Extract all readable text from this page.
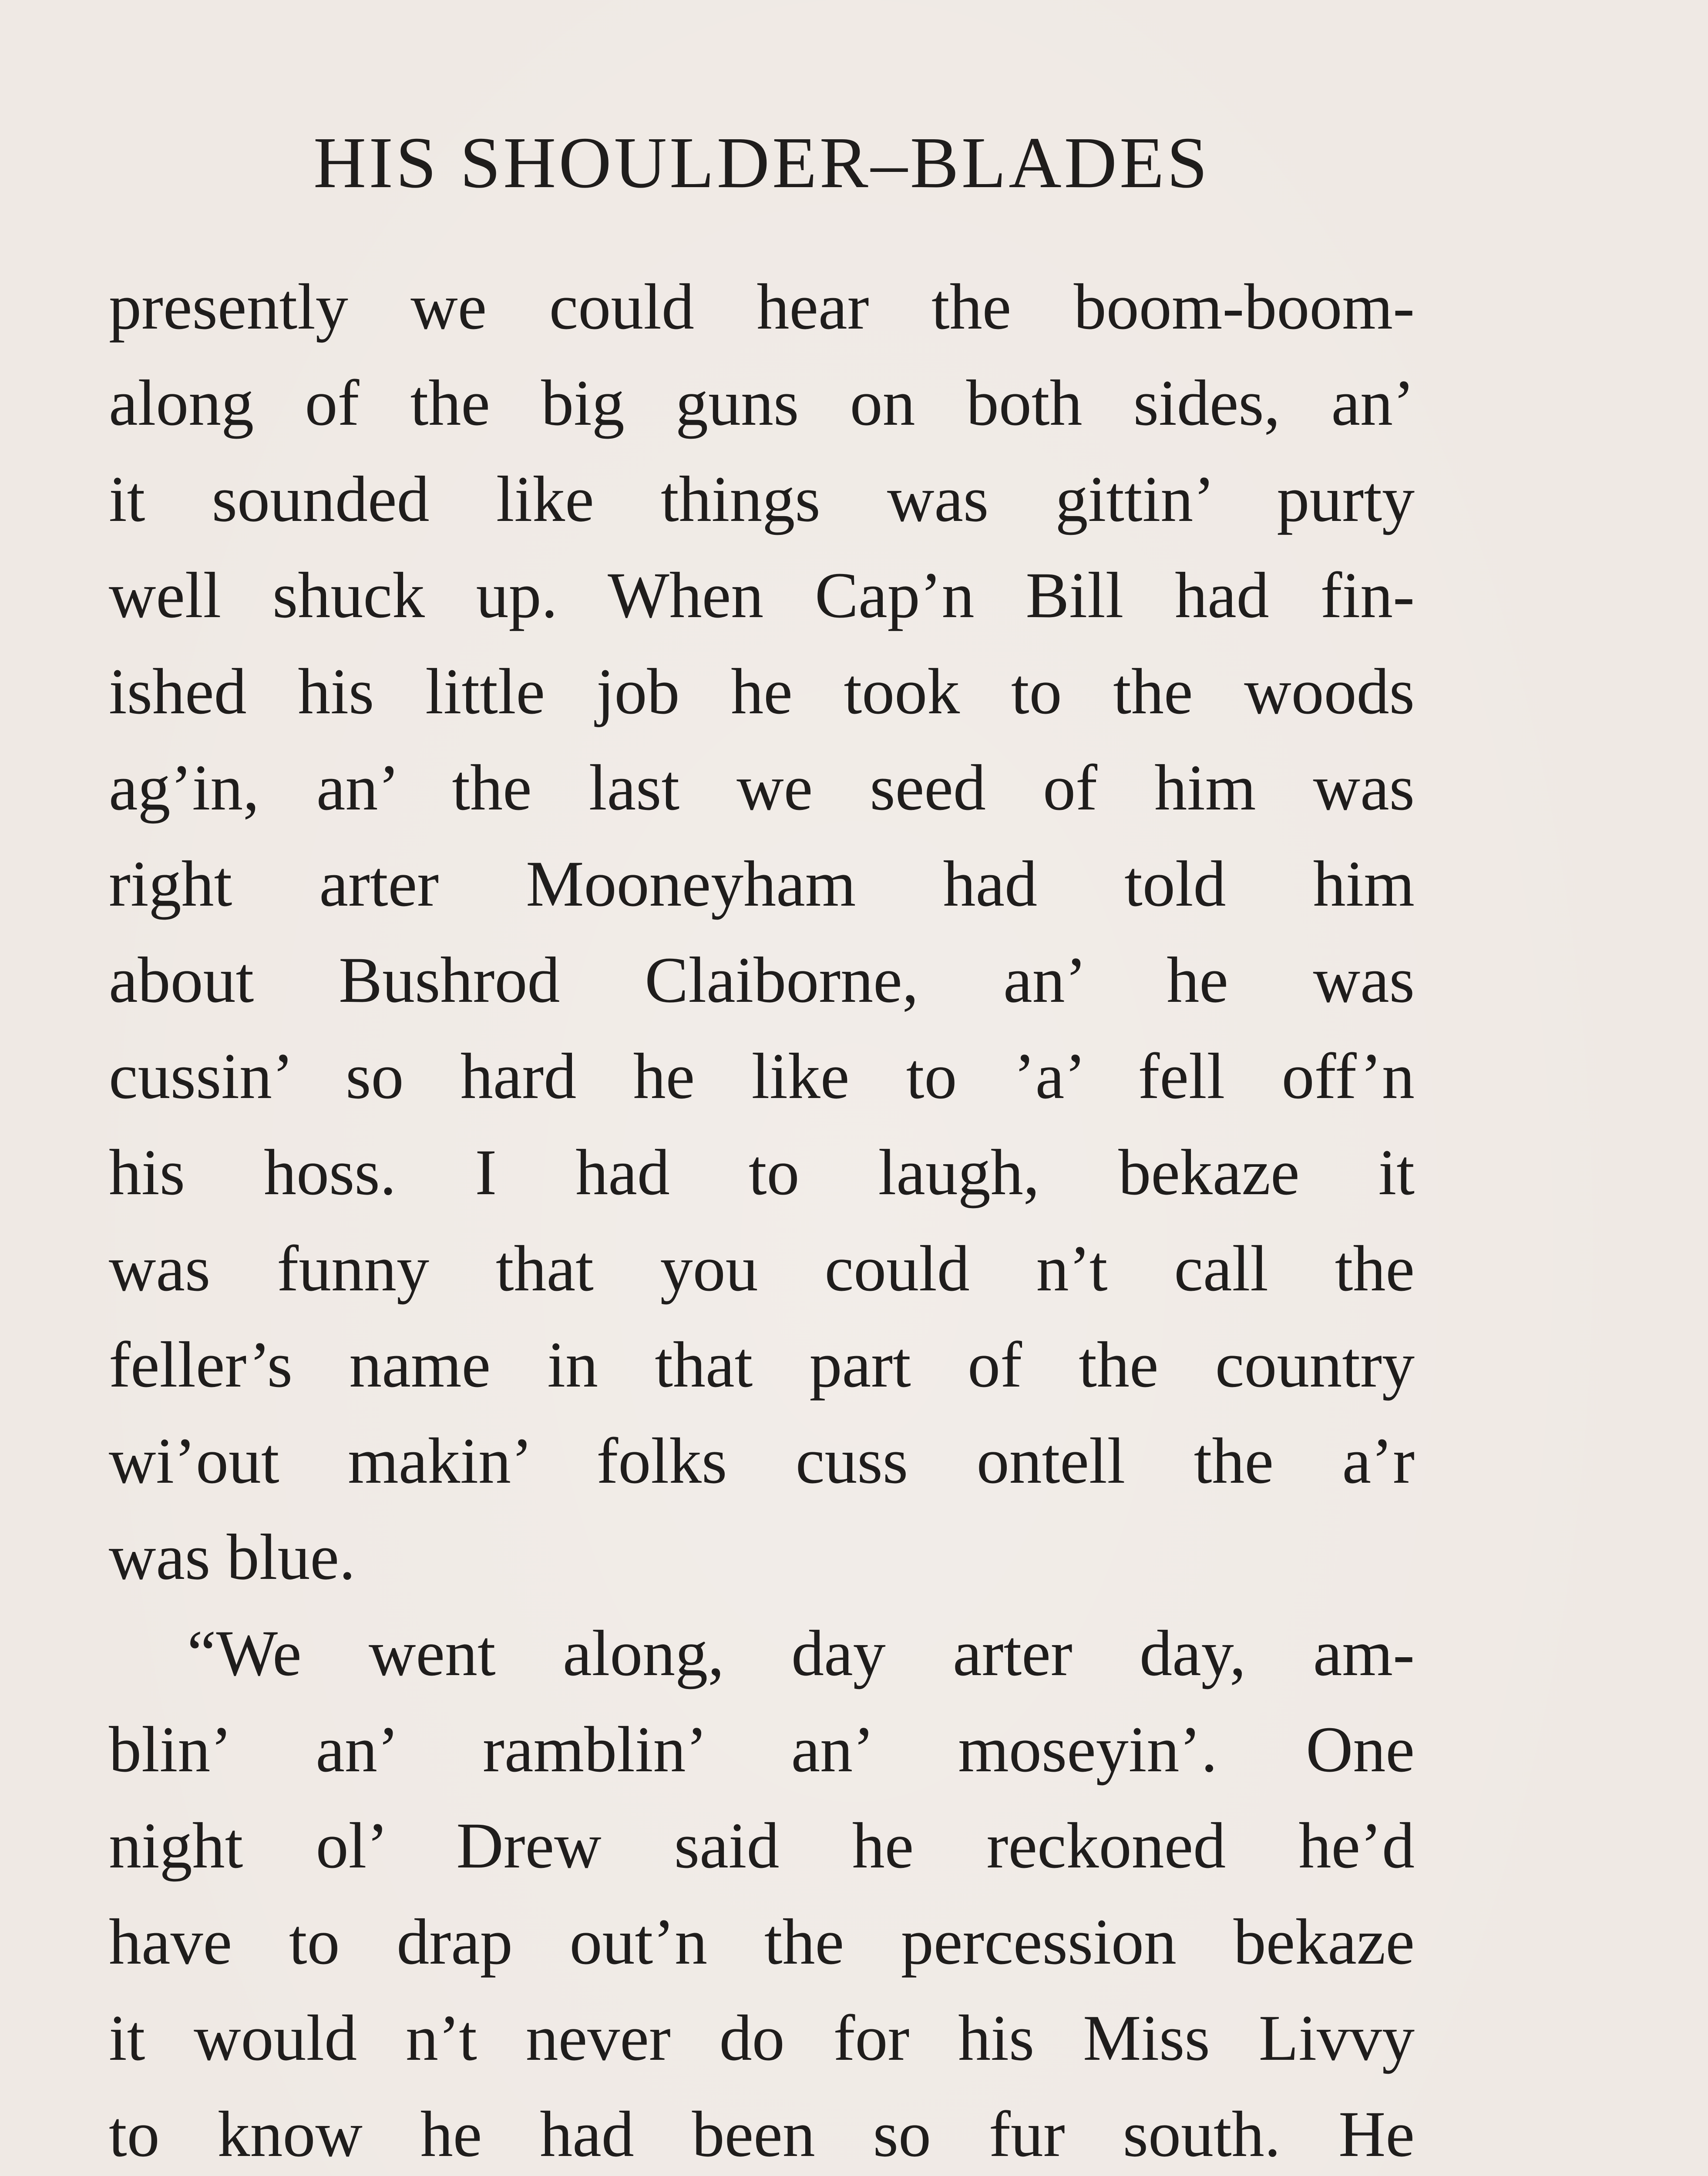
HIS SHOULDER–BLADES
presently we could hear the boom-boom-
along of the big guns on both sides, an’
it sounded like things was gittin’ purty
well shuck up. When Cap’n Bill had fin-
ished his little job he took to the woods
ag’in, an’ the last we seed of him was
right arter Mooneyham had told him
about Bushrod Claiborne, an’ he was
cussin’ so hard he like to ’a’ fell off’n
his hoss. I had to laugh, bekaze it
was funny that you could n’t call the
feller’s name in that part of the country
wi’out makin’ folks cuss ontell the a’r
was blue.
“We went along, day arter day, am-
blin’ an’ ramblin’ an’ moseyin’. One
night ol’ Drew said he reckoned he’d
have to drap out’n the percession bekaze
it would n’t never do for his Miss Livvy
to know he had been so fur south. He
